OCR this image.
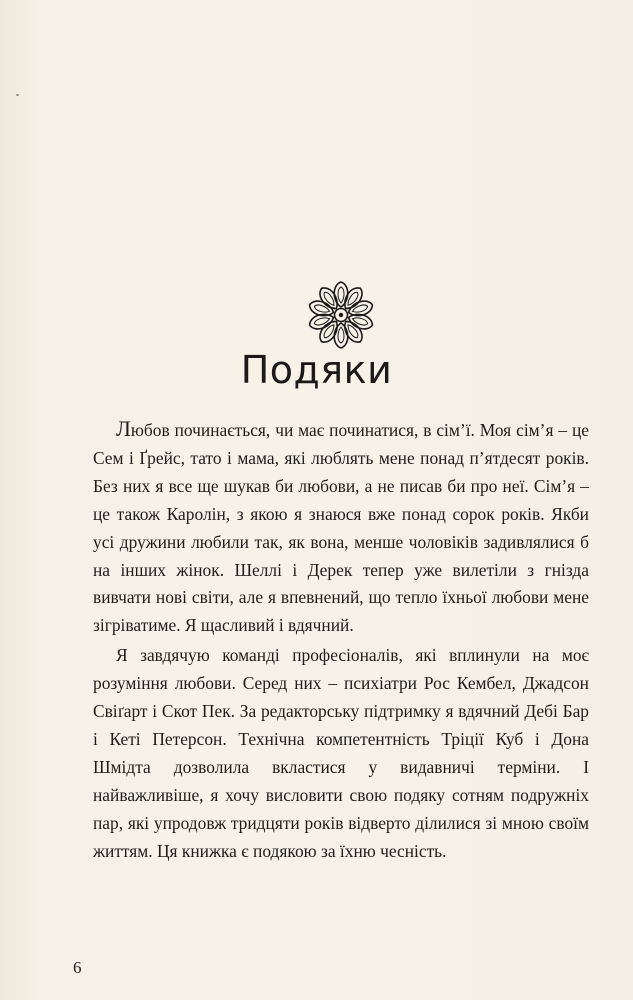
Подяки

Любов починається, чи має починатися, в сім’ї. Моя сім’я – це Сем і Ґрейс, тато і мама, які люблять мене понад п’ятдесят років. Без них я все ще шукав би любови, а не писав би про неї. Сім’я – це також Каролін, з якою я знаюся вже понад сорок років. Якби усі дружини любили так, як вона, менше чоловіків задивлялися б на інших жінок. Шеллі і Дерек тепер уже вилетіли з гнізда вивчати нові світи, але я впевнений, що тепло їхньої любови мене зігріватиме. Я щасливий і вдячний.

Я завдячую команді професіоналів, які вплинули на моє розуміння любови. Серед них – психіатри Рос Кембел, Джадсон Свіґарт і Скот Пек. За редакторську підтримку я вдячний Дебі Бар і Кеті Петерсон. Технічна компетентність Тріції Куб і Дона Шмідта дозволила вкластися у видавничі терміни. І найважливіше, я хочу висловити свою подяку сотням подружніх пар, які упродовж тридцяти років відверто ділилися зі мною своїм життям. Ця книжка є подякою за їхню чесність.

6
